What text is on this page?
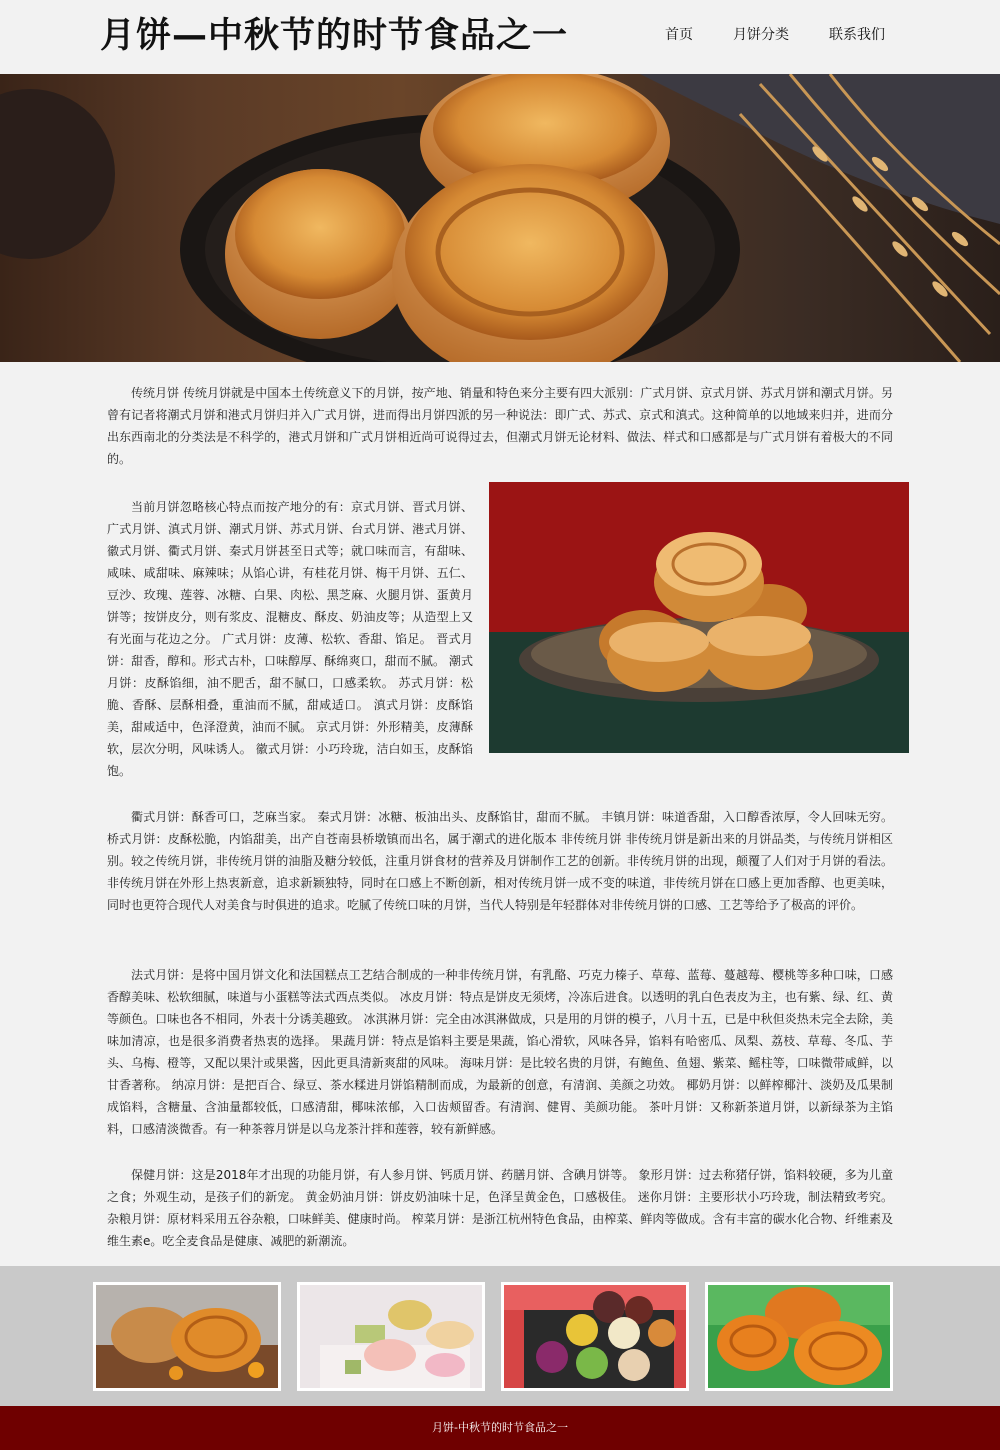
月饼—中秋节的时节食品之一	首页	月饼分类	联系我们

传统月饼 传统月饼就是中国本土传统意义下的月饼，按产地、销量和特色来分主要有四大派别：广式月饼、京式月饼、苏式月饼和潮式月饼。另曾有记者将潮式月饼和港式月饼归并入广式月饼，进而得出月饼四派的另一种说法：即广式、苏式、京式和滇式。这种简单的以地域来归并，进而分出东西南北的分类法是不科学的，港式月饼和广式月饼相近尚可说得过去，但潮式月饼无论材料、做法、样式和口感都是与广式月饼有着极大的不同的。

当前月饼忽略核心特点而按产地分的有：京式月饼、晋式月饼、广式月饼、滇式月饼、潮式月饼、苏式月饼、台式月饼、港式月饼、徽式月饼、衢式月饼、秦式月饼甚至日式等；就口味而言，有甜味、咸味、咸甜味、麻辣味；从馅心讲，有桂花月饼、梅干月饼、五仁、豆沙、玫瑰、莲蓉、冰糖、白果、肉松、黑芝麻、火腿月饼、蛋黄月饼等；按饼皮分，则有浆皮、混糖皮、酥皮、奶油皮等；从造型上又有光面与花边之分。 广式月饼：皮薄、松软、香甜、馅足。 晋式月饼：甜香，醇和。形式古朴，口味醇厚、酥绵爽口，甜而不腻。 潮式月饼：皮酥馅细，油不肥舌，甜不腻口，口感柔软。 苏式月饼：松脆、香酥、层酥相叠，重油而不腻，甜咸适口。 滇式月饼：皮酥馅美，甜咸适中，色泽澄黄，油而不腻。 京式月饼：外形精美，皮薄酥软，层次分明，风味诱人。 徽式月饼：小巧玲珑，洁白如玉，皮酥馅饱。

衢式月饼：酥香可口，芝麻当家。 秦式月饼：冰糖、板油出头、皮酥馅甘，甜而不腻。 丰镇月饼：味道香甜，入口醇香浓厚，令人回味无穷。 桥式月饼：皮酥松脆，内馅甜美，出产自苍南县桥墩镇而出名，属于潮式的进化版本 非传统月饼 非传统月饼是新出来的月饼品类，与传统月饼相区别。较之传统月饼，非传统月饼的油脂及糖分较低，注重月饼食材的营养及月饼制作工艺的创新。非传统月饼的出现，颠覆了人们对于月饼的看法。非传统月饼在外形上热衷新意，追求新颖独特，同时在口感上不断创新，相对传统月饼一成不变的味道，非传统月饼在口感上更加香醇、也更美味，同时也更符合现代人对美食与时俱进的追求。吃腻了传统口味的月饼，当代人特别是年轻群体对非传统月饼的口感、工艺等给予了极高的评价。

法式月饼：是将中国月饼文化和法国糕点工艺结合制成的一种非传统月饼，有乳酪、巧克力榛子、草莓、蓝莓、蔓越莓、樱桃等多种口味，口感香醇美味、松软细腻，味道与小蛋糕等法式西点类似。 冰皮月饼：特点是饼皮无须烤，冷冻后进食。以透明的乳白色表皮为主，也有紫、绿、红、黄等颜色。口味也各不相同，外表十分诱美趣致。 冰淇淋月饼：完全由冰淇淋做成，只是用的月饼的模子，八月十五，已是中秋但炎热未完全去除，美味加清凉，也是很多消费者热衷的选择。 果蔬月饼：特点是馅料主要是果蔬，馅心滑软，风味各异，馅料有哈密瓜、凤梨、荔枝、草莓、冬瓜、芋头、乌梅、橙等，又配以果汁或果酱，因此更具清新爽甜的风味。 海味月饼：是比较名贵的月饼，有鲍鱼、鱼翅、紫菜、鳐柱等，口味微带咸鲜，以甘香著称。 纳凉月饼：是把百合、绿豆、茶水糅进月饼馅精制而成，为最新的创意，有清润、美颜之功效。 椰奶月饼：以鲜榨椰汁、淡奶及瓜果制成馅料，含糖量、含油量都较低，口感清甜，椰味浓郁，入口齿颊留香。有清润、健胃、美颜功能。 茶叶月饼：又称新茶道月饼，以新绿茶为主馅料，口感清淡微香。有一种茶蓉月饼是以乌龙茶汁拌和莲蓉，较有新鲜感。

保健月饼：这是2018年才出现的功能月饼，有人参月饼、钙质月饼、药膳月饼、含碘月饼等。 象形月饼：过去称猪仔饼，馅料较硬，多为儿童之食；外观生动，是孩子们的新宠。 黄金奶油月饼：饼皮奶油味十足，色泽呈黄金色，口感极佳。 迷你月饼：主要形状小巧玲珑，制法精致考究。 杂粮月饼：原材料采用五谷杂粮，口味鲜美、健康时尚。 榨菜月饼：是浙江杭州特色食品，由榨菜、鲜肉等做成。含有丰富的碳水化合物、纤维素及维生素e。吃全麦食品是健康、减肥的新潮流。

月饼-中秋节的时节食品之一
